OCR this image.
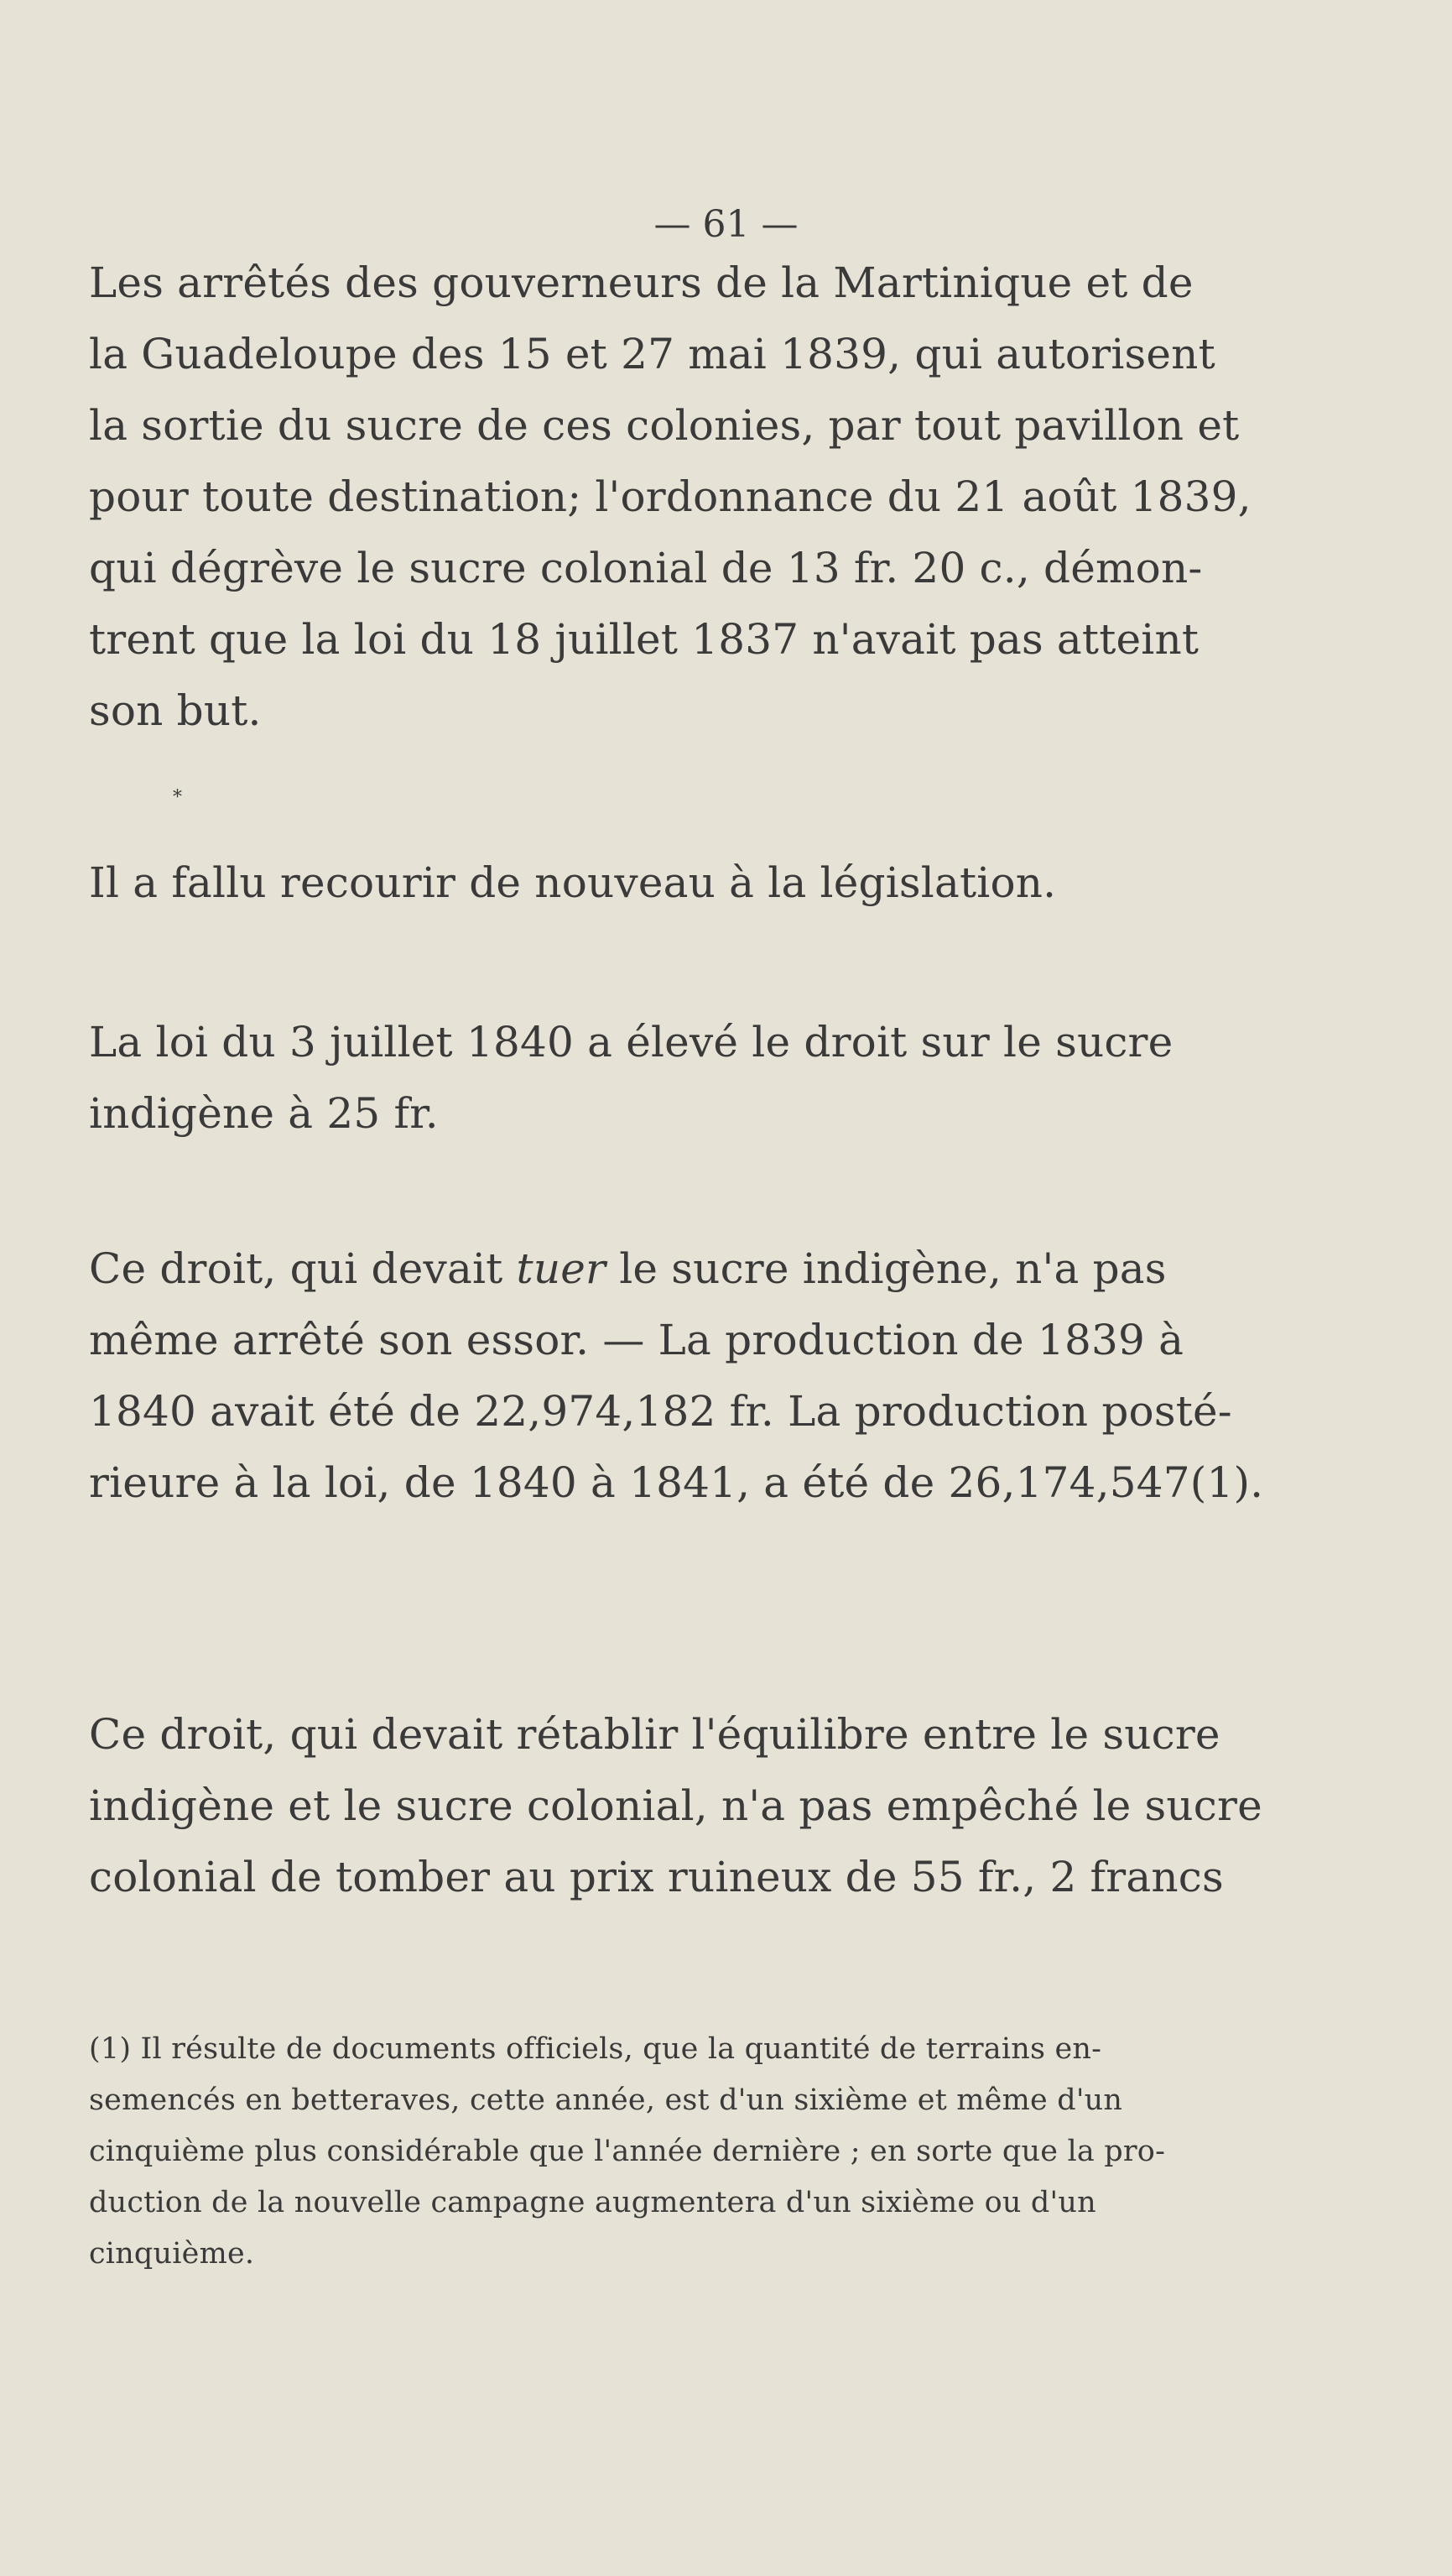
— 61 —

Les arrêtés des gouverneurs de la Martinique et de

la Guadeloupe des 15 et 27 mai 1839, qui autorisent

la sortie du sucre de ces colonies, par tout pavillon et

pour toute destination; l'ordonnance du 21 août 1839,

qui dégrève le sucre colonial de 13 fr. 20 c., démon-

trent que la loi du 18 juillet 1837 n'avait pas atteint

son but.

*

Il a fallu recourir de nouveau à la législation.

La loi du 3 juillet 1840 a élevé le droit sur le sucre

indigène à 25 fr.

Ce droit, qui devait tuer le sucre indigène, n'a pas

même arrêté son essor. — La production de 1839 à

1840 avait été de 22,974,182 fr. La production posté-

rieure à la loi, de 1840 à 1841, a été de 26,174,547(1).

Ce droit, qui devait rétablir l'équilibre entre le sucre

indigène et le sucre colonial, n'a pas empêché le sucre

colonial de tomber au prix ruineux de 55 fr., 2 francs

(1) Il résulte de documents officiels, que la quantité de terrains en-

semencés en betteraves, cette année, est d'un sixième et même d'un

cinquième plus considérable que l'année dernière ; en sorte que la pro-

duction de la nouvelle campagne augmentera d'un sixième ou d'un

cinquième.
